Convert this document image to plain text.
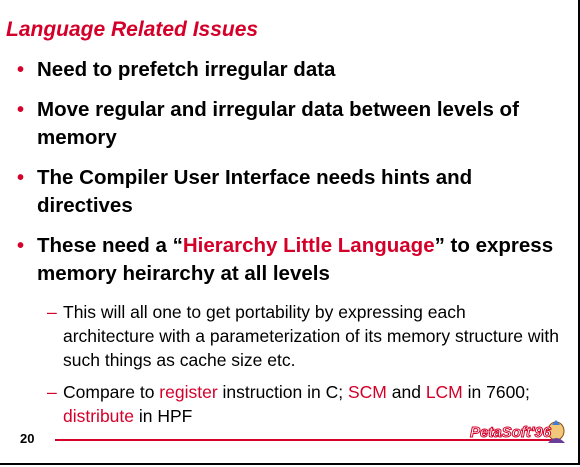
Language Related Issues
• Need to prefetch irregular data
• Move regular and irregular data between levels of memory
• The Compiler User Interface needs hints and directives
• These need a “Hierarchy Little Language” to express memory heirarchy at all levels
– This will all one to get portability by expressing each architecture with a parameterization of its memory structure with such things as cache size etc.
– Compare to register instruction in C; SCM and LCM in 7600; distribute in HPF
20	PetaSoft'96
